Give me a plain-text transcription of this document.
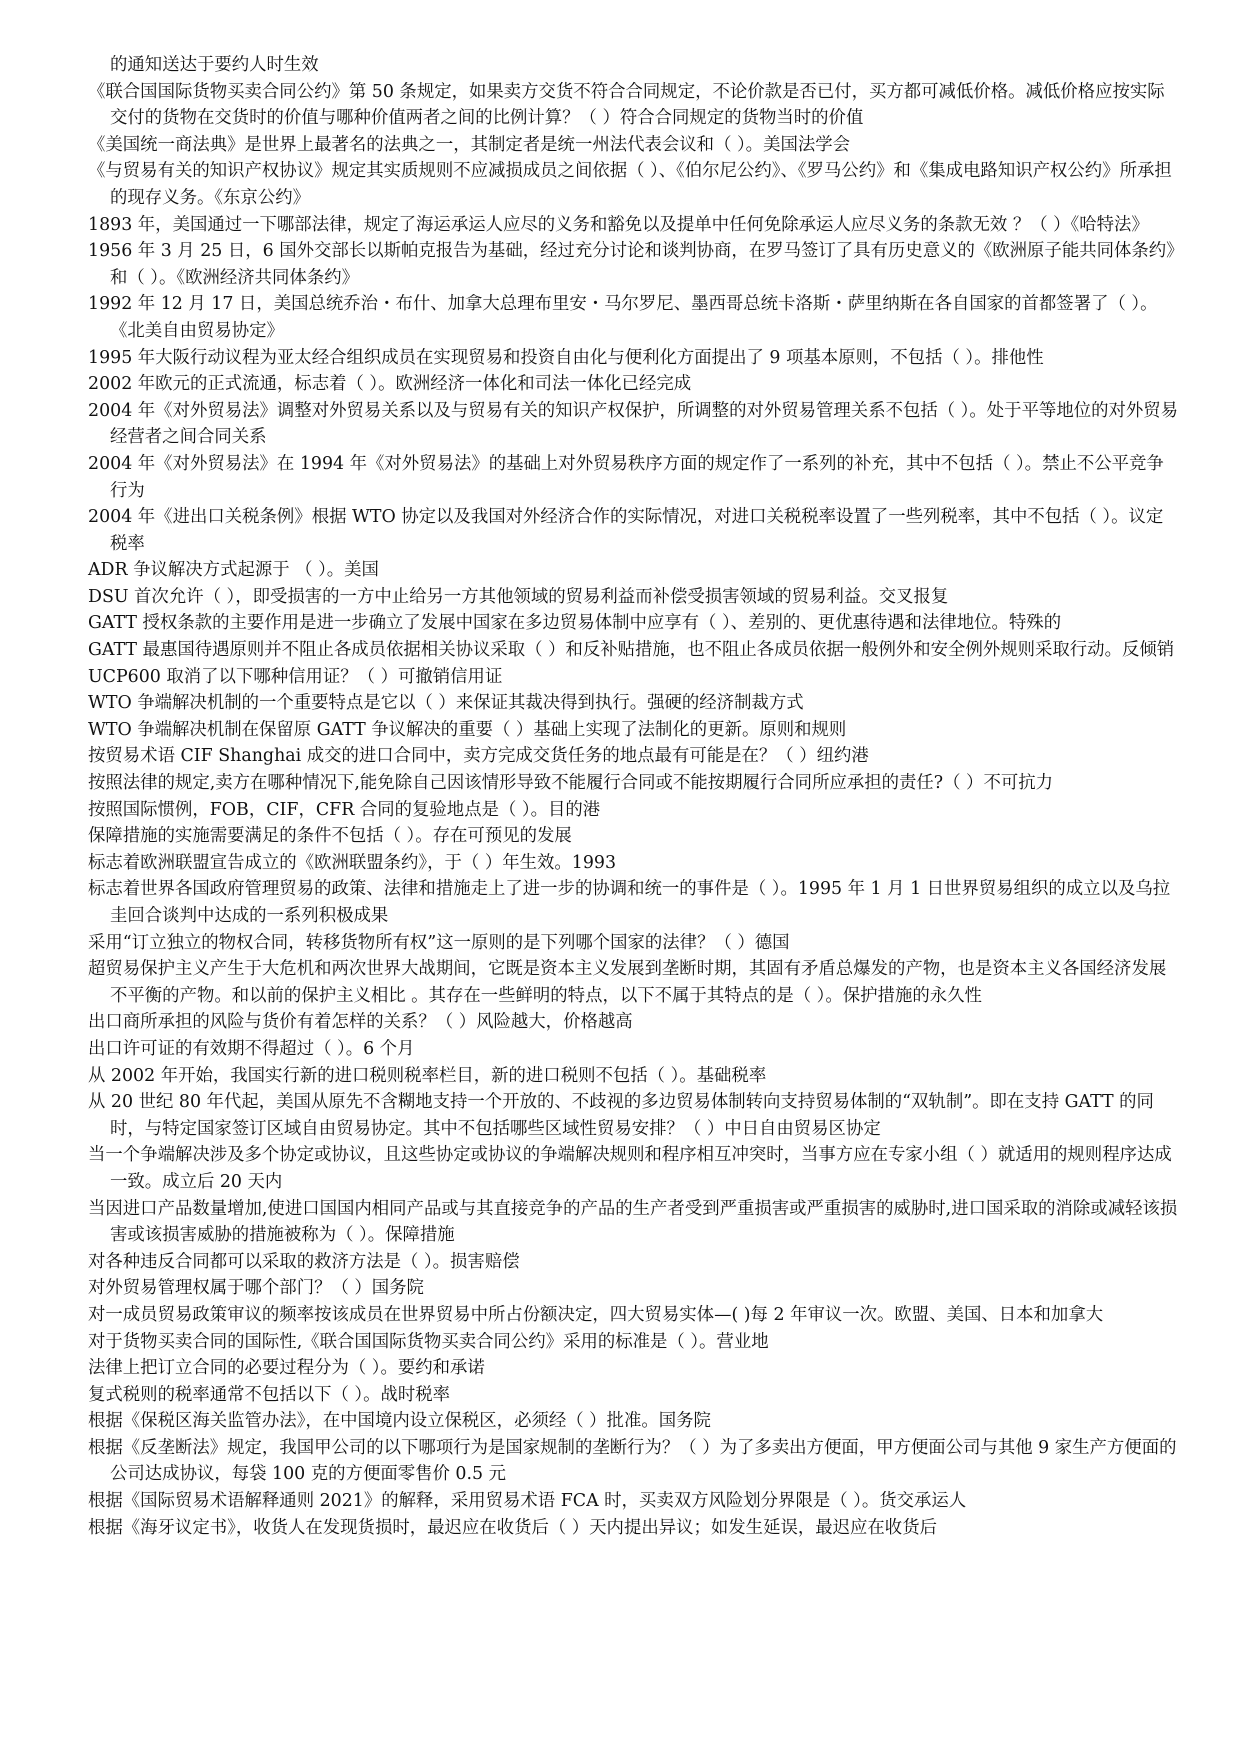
的通知送达于要约人时生效

《联合国国际货物买卖合同公约》第 50 条规定，如果卖方交货不符合合同规定，不论价款是否已付，买方都可减低价格。减低价格应按实际交付的货物在交货时的价值与哪种价值两者之间的比例计算？（ ）符合合同规定的货物当时的价值

《美国统一商法典》是世界上最著名的法典之一，其制定者是统一州法代表会议和（ ）。美国法学会

《与贸易有关的知识产权协议》规定其实质规则不应减损成员之间依据（ ）、《伯尔尼公约》、《罗马公约》和《集成电路知识产权公约》所承担的现存义务。《东京公约》

1893 年，美国通过一下哪部法律，规定了海运承运人应尽的义务和豁免以及提单中任何免除承运人应尽义务的条款无效 ？（ ）《哈特法》

1956 年 3 月 25 日，6 国外交部长以斯帕克报告为基础，经过充分讨论和谈判协商，在罗马签订了具有历史意义的《欧洲原子能共同体条约》和（ ）。《欧洲经济共同体条约》

1992 年 12 月 17 日，美国总统乔治・布什、加拿大总理布里安・马尔罗尼、墨西哥总统卡洛斯・萨里纳斯在各自国家的首都签署了（ ）。《北美自由贸易协定》

1995 年大阪行动议程为亚太经合组织成员在实现贸易和投资自由化与便利化方面提出了 9 项基本原则，不包括（ ）。排他性

2002 年欧元的正式流通，标志着（ ）。欧洲经济一体化和司法一体化已经完成

2004 年《对外贸易法》调整对外贸易关系以及与贸易有关的知识产权保护，所调整的对外贸易管理关系不包括（ ）。处于平等地位的对外贸易经营者之间合同关系

2004 年《对外贸易法》在 1994 年《对外贸易法》的基础上对外贸易秩序方面的规定作了一系列的补充，其中不包括（ ）。禁止不公平竞争行为

2004 年《进出口关税条例》根据 WTO 协定以及我国对外经济合作的实际情况，对进口关税税率设置了一些列税率，其中不包括（ ）。议定税率

ADR 争议解决方式起源于 （ ）。美国

DSU 首次允许（ ），即受损害的一方中止给另一方其他领域的贸易利益而补偿受损害领域的贸易利益。交叉报复

GATT 授权条款的主要作用是进一步确立了发展中国家在多边贸易体制中应享有（ ）、差别的、更优惠待遇和法律地位。特殊的

GATT 最惠国待遇原则并不阻止各成员依据相关协议采取（ ）和反补贴措施，也不阻止各成员依据一般例外和安全例外规则采取行动。反倾销

UCP600 取消了以下哪种信用证？（ ）可撤销信用证

WTO 争端解决机制的一个重要特点是它以（ ）来保证其裁决得到执行。强硬的经济制裁方式

WTO 争端解决机制在保留原 GATT 争议解决的重要（ ）基础上实现了法制化的更新。原则和规则

按贸易术语 CIF Shanghai 成交的进口合同中，卖方完成交货任务的地点最有可能是在？（ ）纽约港

按照法律的规定,卖方在哪种情况下,能免除自己因该情形导致不能履行合同或不能按期履行合同所应承担的责任?（ ）不可抗力

按照国际惯例，FOB，CIF，CFR 合同的复验地点是（ ）。目的港

保障措施的实施需要满足的条件不包括（ ）。存在可预见的发展

标志着欧洲联盟宣告成立的《欧洲联盟条约》，于（ ）年生效。1993

标志着世界各国政府管理贸易的政策、法律和措施走上了进一步的协调和统一的事件是（ ）。1995 年 1 月 1 日世界贸易组织的成立以及乌拉圭回合谈判中达成的一系列积极成果

采用“订立独立的物权合同，转移货物所有权”这一原则的是下列哪个国家的法律？（ ）德国

超贸易保护主义产生于大危机和两次世界大战期间，它既是资本主义发展到垄断时期，其固有矛盾总爆发的产物，也是资本主义各国经济发展不平衡的产物。和以前的保护主义相比 。其存在一些鲜明的特点，以下不属于其特点的是（ ）。保护措施的永久性

出口商所承担的风险与货价有着怎样的关系？（ ）风险越大，价格越高

出口许可证的有效期不得超过（ ）。6 个月

从 2002 年开始，我国实行新的进口税则税率栏目，新的进口税则不包括（ ）。基础税率

从 20 世纪 80 年代起，美国从原先不含糊地支持一个开放的、不歧视的多边贸易体制转向支持贸易体制的“双轨制”。即在支持 GATT 的同时，与特定国家签订区域自由贸易协定。其中不包括哪些区域性贸易安排？（ ）中日自由贸易区协定

当一个争端解决涉及多个协定或协议，且这些协定或协议的争端解决规则和程序相互冲突时，当事方应在专家小组（ ）就适用的规则程序达成一致。成立后 20 天内

当因进口产品数量增加,使进口国国内相同产品或与其直接竞争的产品的生产者受到严重损害或严重损害的威胁时,进口国采取的消除或减轻该损害或该损害威胁的措施被称为（ ）。保障措施

对各种违反合同都可以采取的救济方法是（ ）。损害赔偿

对外贸易管理权属于哪个部门？（ ）国务院

对一成员贸易政策审议的频率按该成员在世界贸易中所占份额决定，四大贸易实体—( )每 2 年审议一次。欧盟、美国、日本和加拿大

对于货物买卖合同的国际性,《联合国国际货物买卖合同公约》采用的标准是（ ）。营业地

法律上把订立合同的必要过程分为（ ）。要约和承诺

复式税则的税率通常不包括以下（ ）。战时税率

根据《保税区海关监管办法》，在中国境内设立保税区，必须经（ ）批准。国务院

根据《反垄断法》规定，我国甲公司的以下哪项行为是国家规制的垄断行为？（ ）为了多卖出方便面，甲方便面公司与其他 9 家生产方便面的公司达成协议，每袋 100 克的方便面零售价 0.5 元

根据《国际贸易术语解释通则 2021》的解释，采用贸易术语 FCA 时，买卖双方风险划分界限是（ ）。货交承运人

根据《海牙议定书》，收货人在发现货损时，最迟应在收货后（ ）天内提出异议；如发生延误，最迟应在收货后
